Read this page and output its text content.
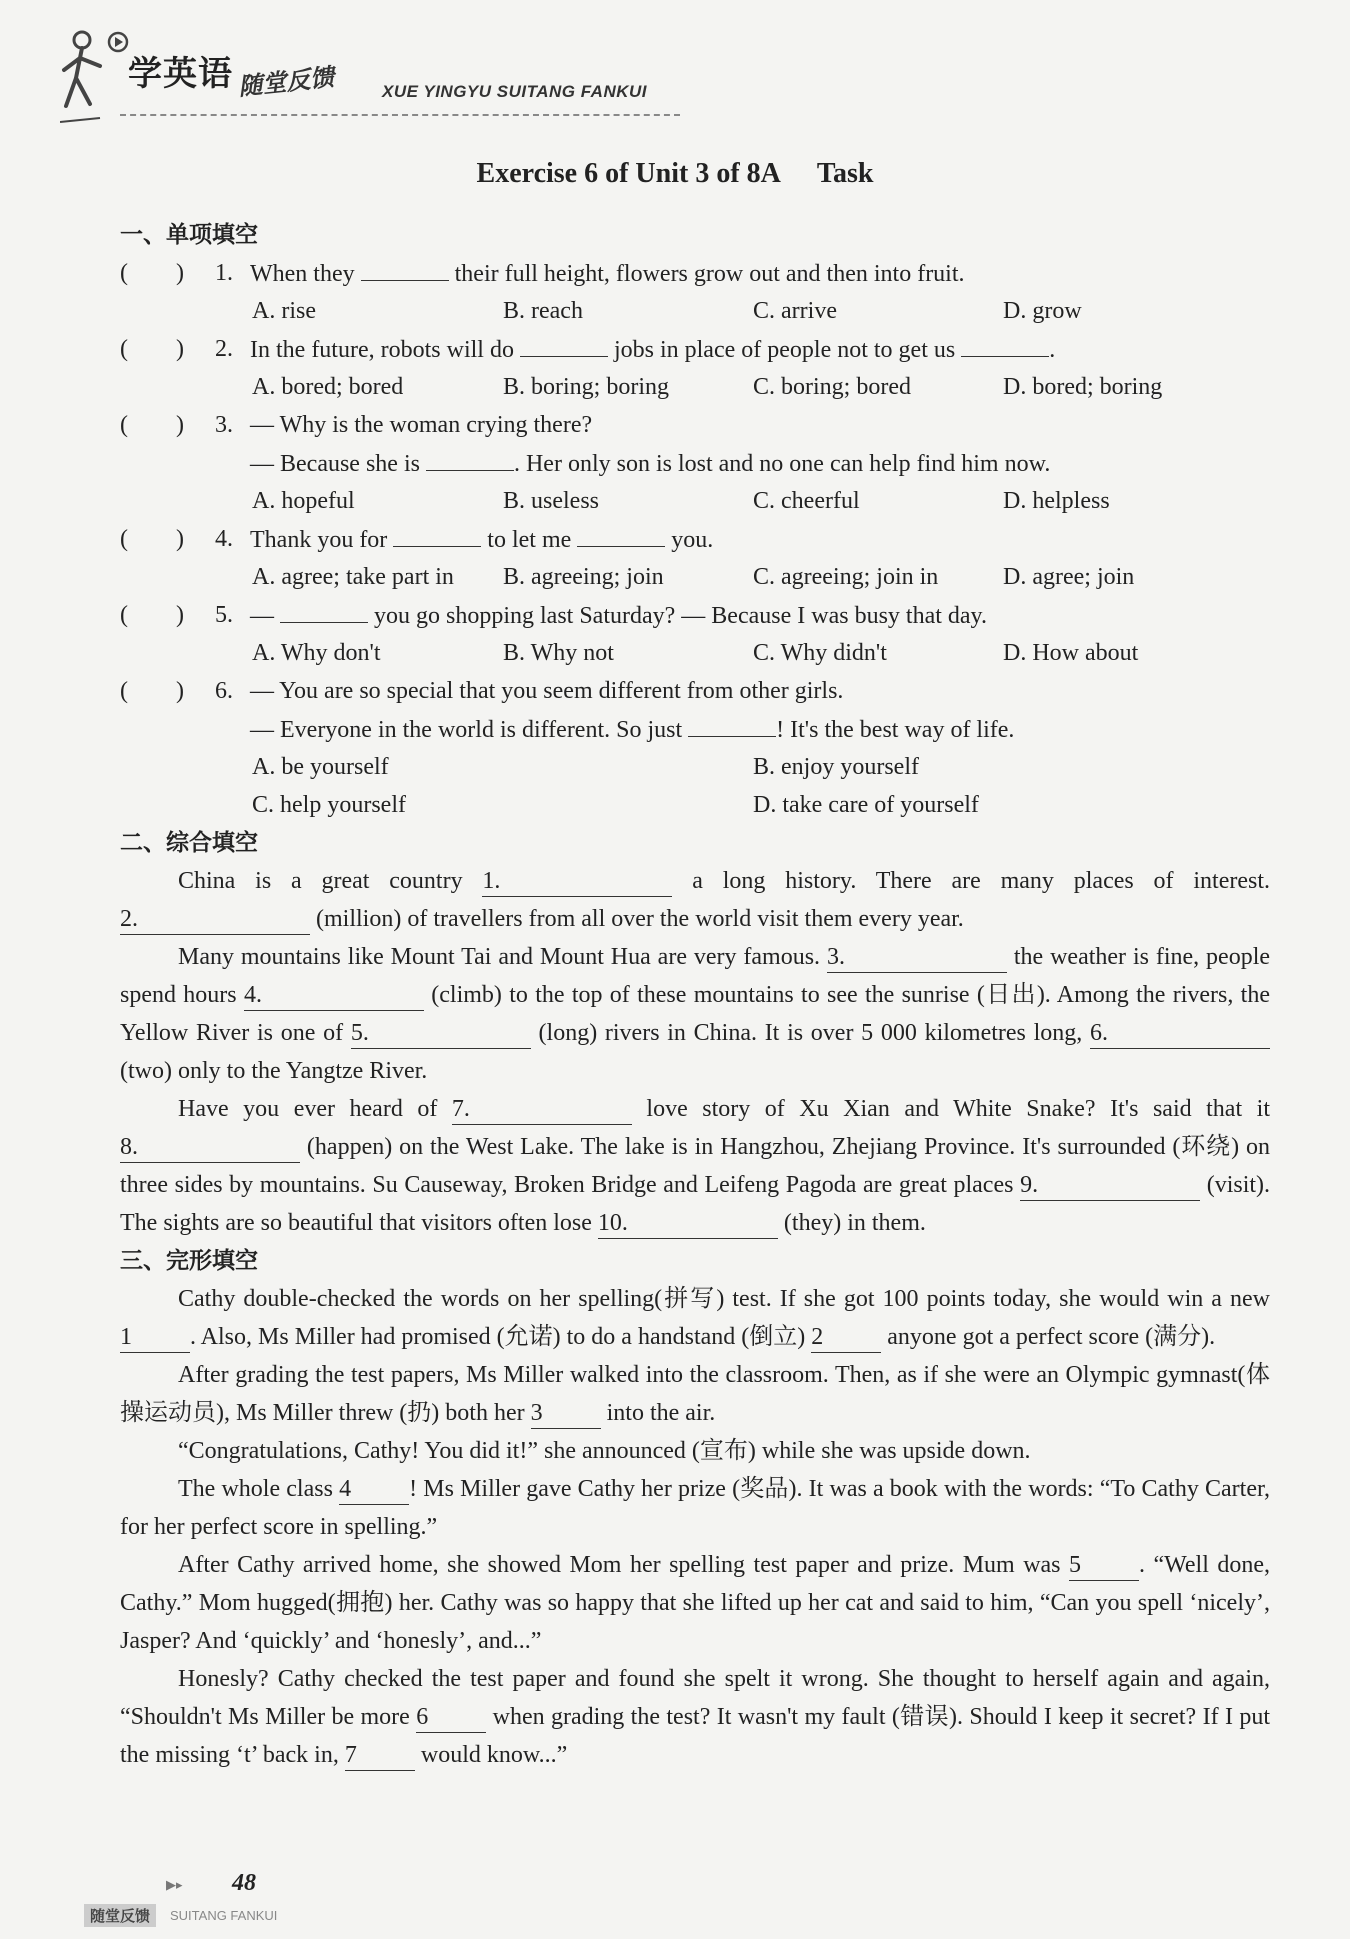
学英语 随堂反馈	XUE YINGYU SUITANG FANKUI
Exercise 6 of Unit 3 of 8A Task
一、单项填空
(　　) 1. When they	their full height, flowers grow out and then into fruit.
A. rise	B. reach	C. arrive	D. grow
(　　) 2. In the future, robots will do	jobs in place of people not to get us	.
A. bored; bored	B. boring; boring	C. boring; bored	D. bored; boring
(　　) 3. — Why is the woman crying there?
— Because she is	. Her only son is lost and no one can help find him now.
A. hopeful	B. useless	C. cheerful	D. helpless
(　　) 4. Thank you for	to let me	you.
A. agree; take part in B. agreeing; join	C. agreeing; join in	D. agree; join
(　　) 5. —	you go shopping last Saturday? — Because I was busy that day.
A. Why don't	B. Why not	C. Why didn't	D. How about
(　　) 6. — You are so special that you seem different from other girls.
— Everyone in the world is different. So just	! It's the best way of life.
A. be yourself	B. enjoy yourself
C. help yourself	D. take care of yourself
二、综合填空
China is a great country 1.	a long history. There are many places of interest. 2.	(million) of travellers from all over the world visit them every year.
Many mountains like Mount Tai and Mount Hua are very famous. 3.	the weather is fine, people spend hours 4.	(climb) to the top of these mountains to see the sunrise (日出). Among the rivers, the Yellow River is one of 5.	(long) rivers in China. It is over 5 000 kilometres long, 6. (two) only to the Yangtze River.
Have you ever heard of 7.	love story of Xu Xian and White Snake? It's said that it 8.	(happen) on the West Lake. The lake is in Hangzhou, Zhejiang Province. It's surrounded (环绕) on three sides by mountains. Su Causeway, Broken Bridge and Leifeng Pagoda are great places 9.	(visit). The sights are so beautiful that visitors often lose 10.	(they) in them.
三、完形填空
Cathy double-checked the words on her spelling(拼写) test. If she got 100 points today, she would win a new 1 . Also, Ms Miller had promised (允诺) to do a handstand (倒立) 2	anyone got a perfect score (满分).
After grading the test papers, Ms Miller walked into the classroom. Then, as if she were an Olympic gymnast(体操运动员), Ms Miller threw (扔) both her 3	into the air.
“Congratulations, Cathy! You did it!” she announced (宣布) while she was upside down.
The whole class 4 ! Ms Miller gave Cathy her prize (奖品). It was a book with the words: “To Cathy Carter, for her perfect score in spelling.”
After Cathy arrived home, she showed Mom her spelling test paper and prize. Mum was 5 . “Well done, Cathy.” Mom hugged(拥抱) her. Cathy was so happy that she lifted up her cat and said to him, “Can you spell ‘nicely’, Jasper? And ‘quickly’ and ‘honesly’, and...”
Honesly? Cathy checked the test paper and found she spelt it wrong. She thought to herself again and again, “Shouldn't Ms Miller be more 6	when grading the test? It wasn't my fault (错误). Should I keep it secret? If I put the missing ‘t’ back in, 7	would know...”
▶▸ 48
随堂反馈	SUITANG FANKUI
